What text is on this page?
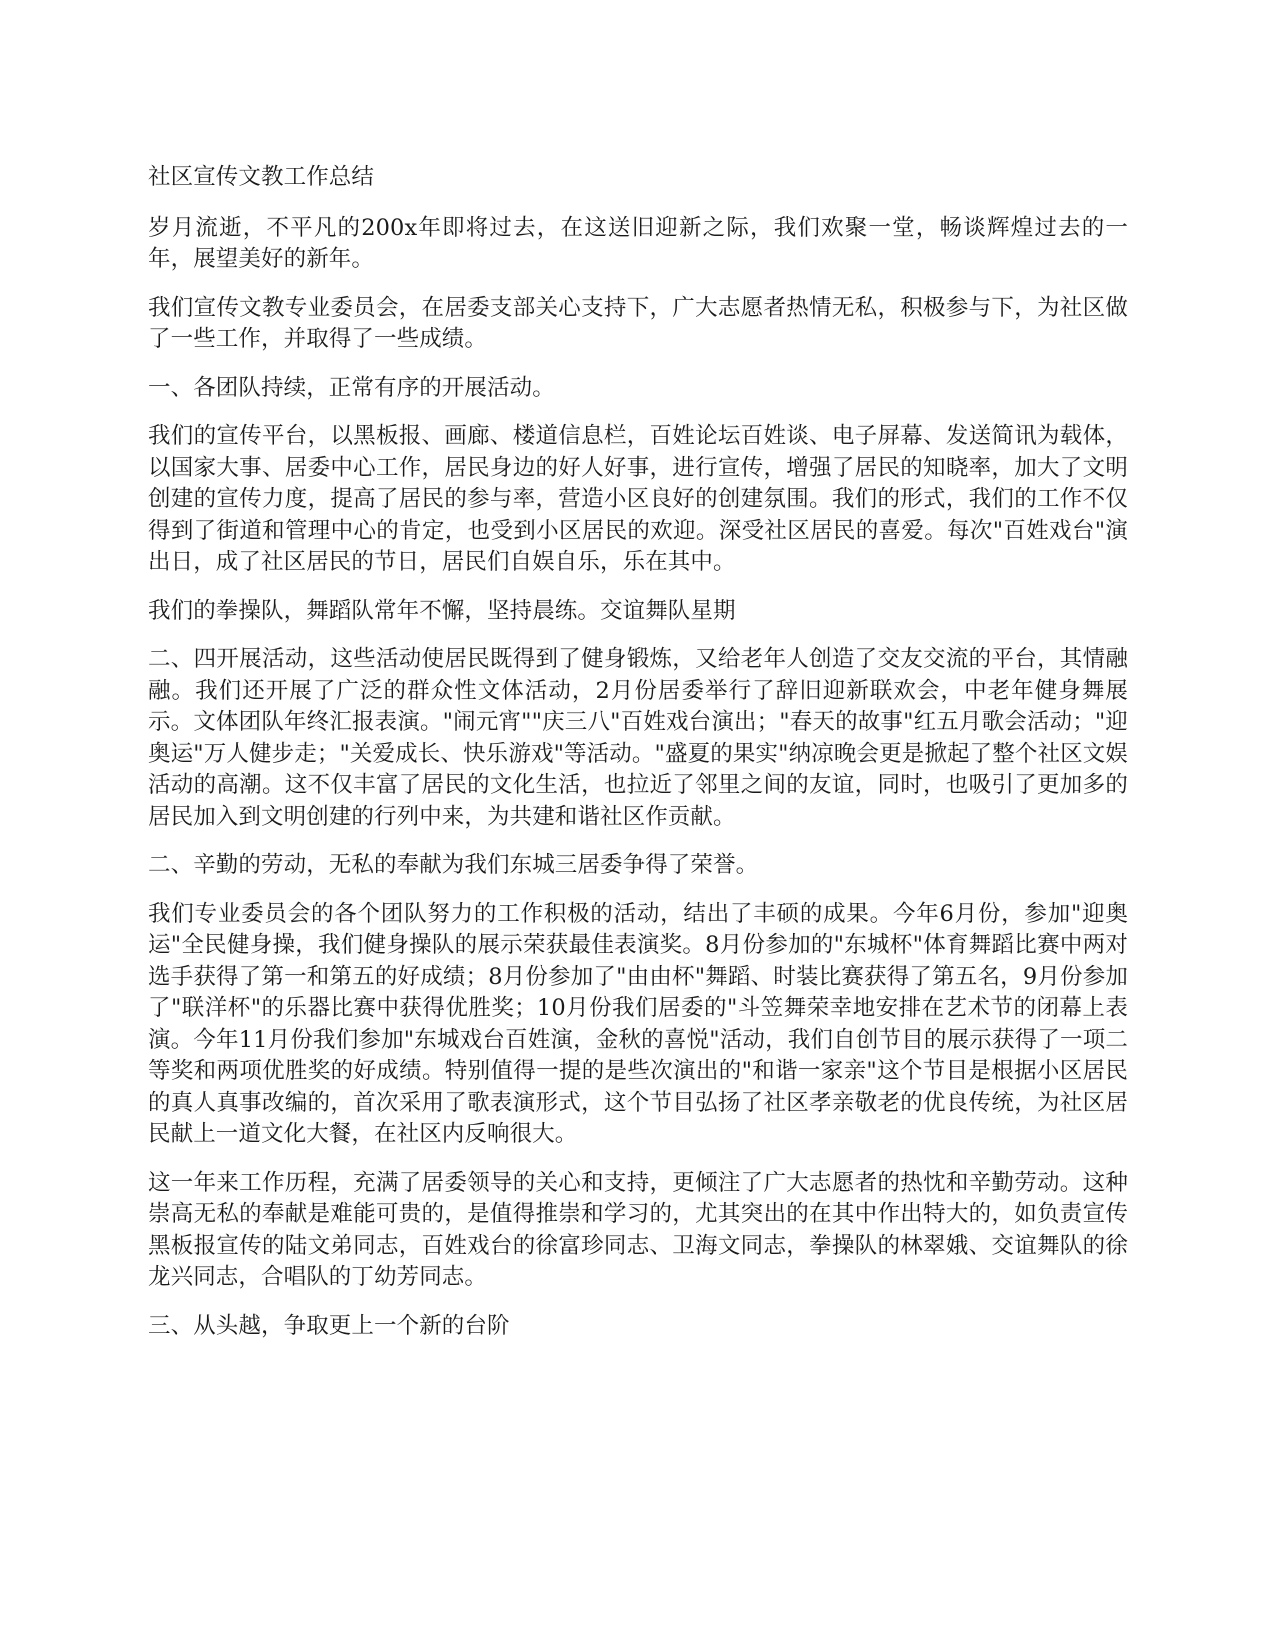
社区宣传文教工作总结

岁月流逝，不平凡的200x年即将过去，在这送旧迎新之际，我们欢聚一堂，畅谈辉煌过去的一年，展望美好的新年。

我们宣传文教专业委员会，在居委支部关心支持下，广大志愿者热情无私，积极参与下，为社区做了一些工作，并取得了一些成绩。

一、各团队持续，正常有序的开展活动。

我们的宣传平台，以黑板报、画廊、楼道信息栏，百姓论坛百姓谈、电子屏幕、发送简讯为载体，以国家大事、居委中心工作，居民身边的好人好事，进行宣传，增强了居民的知晓率，加大了文明创建的宣传力度，提高了居民的参与率，营造小区良好的创建氛围。我们的形式，我们的工作不仅得到了街道和管理中心的肯定，也受到小区居民的欢迎。深受社区居民的喜爱。每次"百姓戏台"演出日，成了社区居民的节日，居民们自娱自乐，乐在其中。

我们的拳操队，舞蹈队常年不懈，坚持晨练。交谊舞队星期

二、四开展活动，这些活动使居民既得到了健身锻炼，又给老年人创造了交友交流的平台，其情融融。我们还开展了广泛的群众性文体活动，2月份居委举行了辞旧迎新联欢会，中老年健身舞展示。文体团队年终汇报表演。"闹元宵""庆三八"百姓戏台演出；"春天的故事"红五月歌会活动；"迎奥运"万人健步走；"关爱成长、快乐游戏"等活动。"盛夏的果实"纳凉晚会更是掀起了整个社区文娱活动的高潮。这不仅丰富了居民的文化生活，也拉近了邻里之间的友谊，同时，也吸引了更加多的居民加入到文明创建的行列中来，为共建和谐社区作贡献。

二、辛勤的劳动，无私的奉献为我们东城三居委争得了荣誉。

我们专业委员会的各个团队努力的工作积极的活动，结出了丰硕的成果。今年6月份，参加"迎奥运"全民健身操，我们健身操队的展示荣获最佳表演奖。8月份参加的"东城杯"体育舞蹈比赛中两对选手获得了第一和第五的好成绩；8月份参加了"由由杯"舞蹈、时装比赛获得了第五名，9月份参加了"联洋杯"的乐器比赛中获得优胜奖；10月份我们居委的"斗笠舞荣幸地安排在艺术节的闭幕上表演。今年11月份我们参加"东城戏台百姓演，金秋的喜悦"活动，我们自创节目的展示获得了一项二等奖和两项优胜奖的好成绩。特别值得一提的是些次演出的"和谐一家亲"这个节目是根据小区居民的真人真事改编的，首次采用了歌表演形式，这个节目弘扬了社区孝亲敬老的优良传统，为社区居民献上一道文化大餐，在社区内反响很大。

这一年来工作历程，充满了居委领导的关心和支持，更倾注了广大志愿者的热忱和辛勤劳动。这种崇高无私的奉献是难能可贵的，是值得推崇和学习的，尤其突出的在其中作出特大的，如负责宣传黑板报宣传的陆文弟同志，百姓戏台的徐富珍同志、卫海文同志，拳操队的林翠娥、交谊舞队的徐龙兴同志，合唱队的丁幼芳同志。

三、从头越，争取更上一个新的台阶
